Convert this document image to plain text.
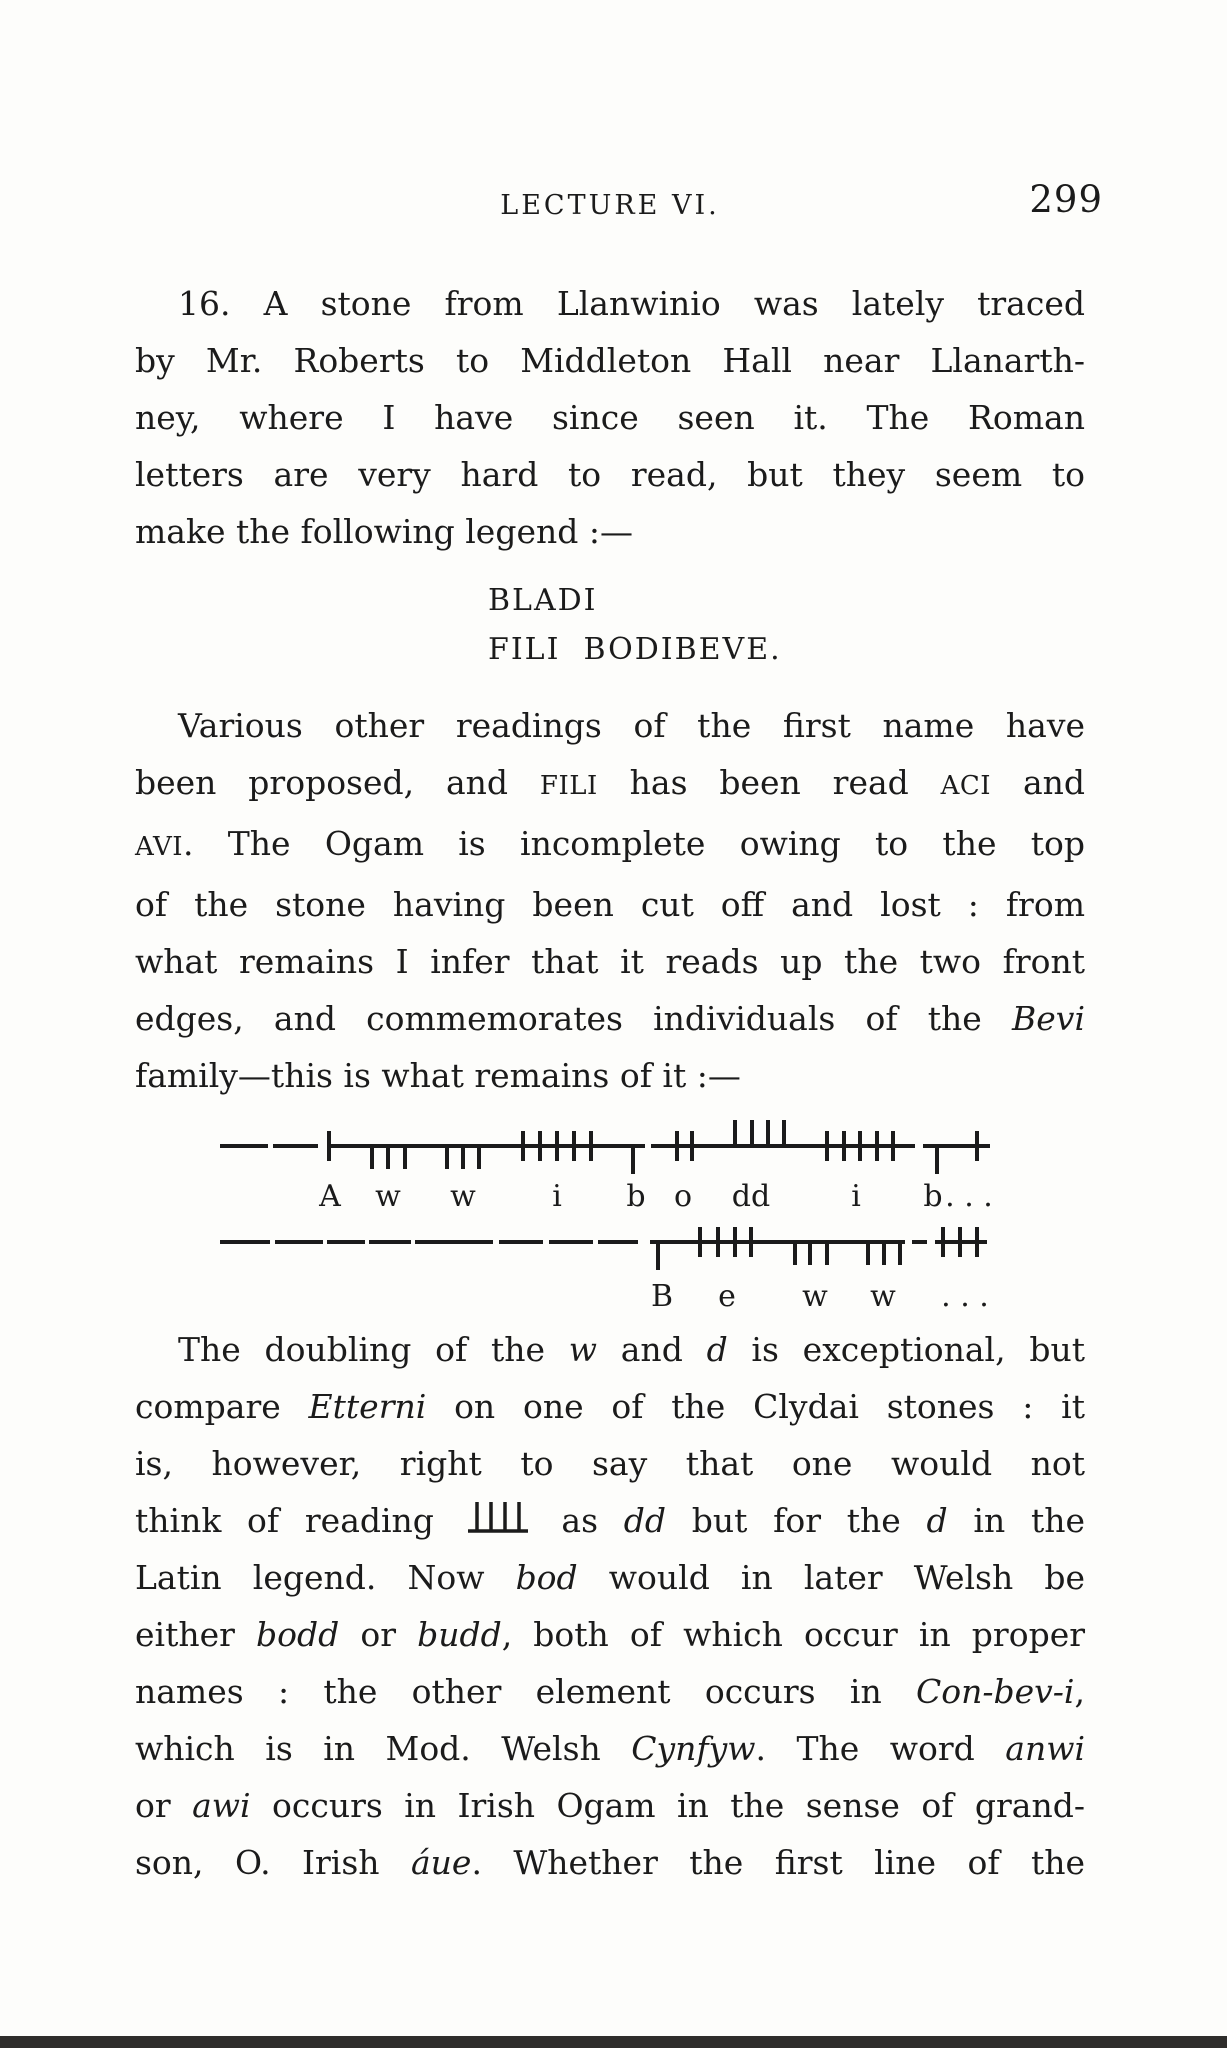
LECTURE VI.	299
16. A stone from Llanwinio was lately traced
by Mr. Roberts to Middleton Hall near Llanarth-
ney, where I have since seen it. The Roman
letters are very hard to read, but they seem to
make the following legend :—
BLADI
FILI  BODIBEVE.
Various other readings of the first name have
been proposed, and FILI has been read ACI and
AVI. The Ogam is incomplete owing to the top
of the stone having been cut off and lost : from
what remains I infer that it reads up the two front
edges, and commemorates individuals of the Bevi
family—this is what remains of it :—
A w w	i b o dd	i b . . .
B e w w . . .
The doubling of the w and d is exceptional, but
compare Etterni on one of the Clydai stones : it
is, however, right to say that one would not
think of reading  as dd but for the d in the
Latin legend. Now bod would in later Welsh be
either bodd or budd, both of which occur in proper
names : the other element occurs in Con-bev-i,
which is in Mod. Welsh Cynfyw. The word anwi
or awi occurs in Irish Ogam in the sense of grand-
son, O. Irish áue. Whether the first line of the
